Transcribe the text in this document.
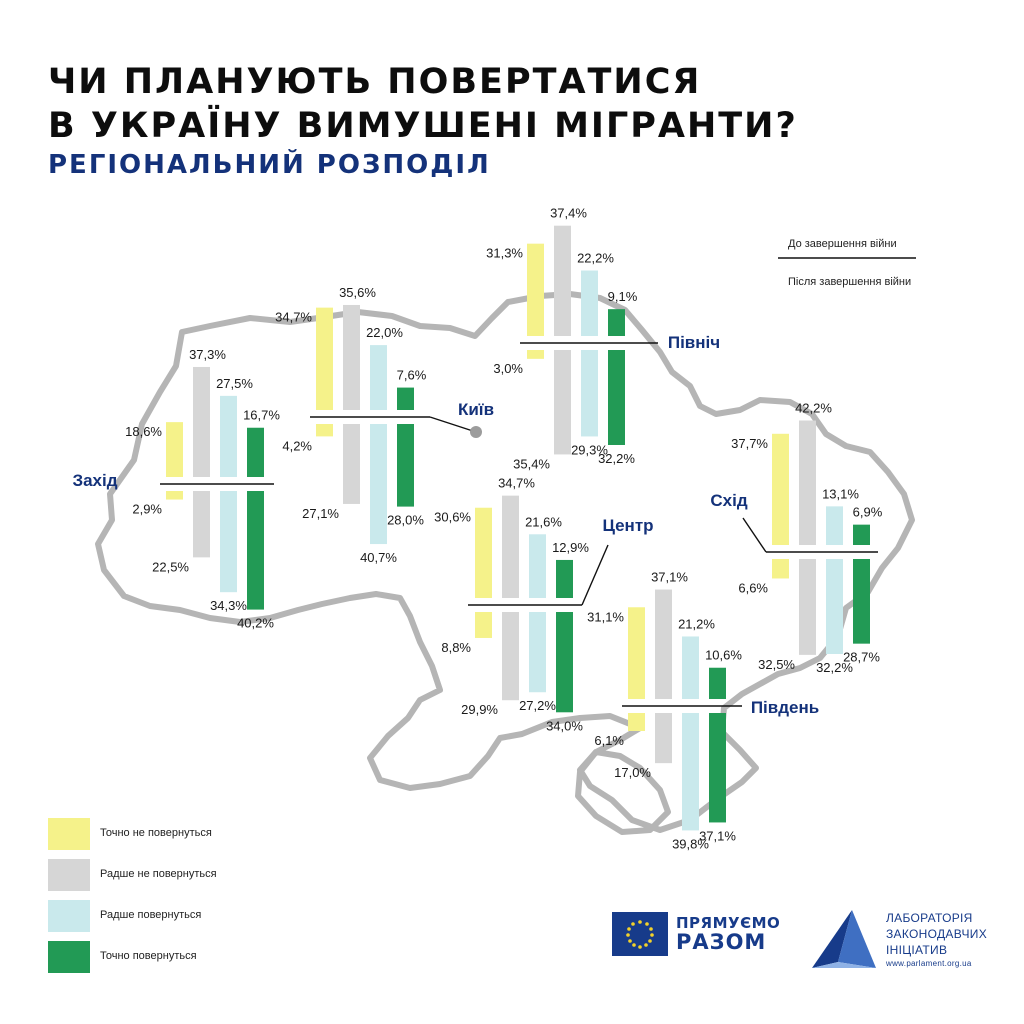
ЧИ ПЛАНУЮТЬ ПОВЕРТАТИСЯ
В УКРАЇНУ ВИМУШЕНІ МІГРАНТИ?
РЕГІОНАЛЬНИЙ РОЗПОДІЛ
18,6%
2,9%
37,3%
22,5%
27,5%
34,3%
16,7%
40,2%
Захід
34,7%
4,2%
35,6%
27,1%
22,0%
40,7%
7,6%
28,0%
Київ
31,3%
3,0%
37,4%
35,4%
22,2%
29,3%
9,1%
32,2%
Північ
30,6%
8,8%
34,7%
29,9%
21,6%
27,2%
12,9%
34,0%
Центр
37,7%
6,6%
42,2%
32,5%
13,1%
32,2%
6,9%
28,7%
Схід
31,1%
6,1%
37,1%
17,0%
21,2%
39,8%
10,6%
37,1%
Південь
До завершення війни
Після завершення війни
Точно не повернуться
Радше не повернуться
Радше повернуться
Точно повернуться
ПРЯМУЄМО
РАЗОМ
ЛАБОРАТОРІЯ
ЗАКОНОДАВЧИХ
ІНІЦІАТИВ
www.parlament.org.ua
